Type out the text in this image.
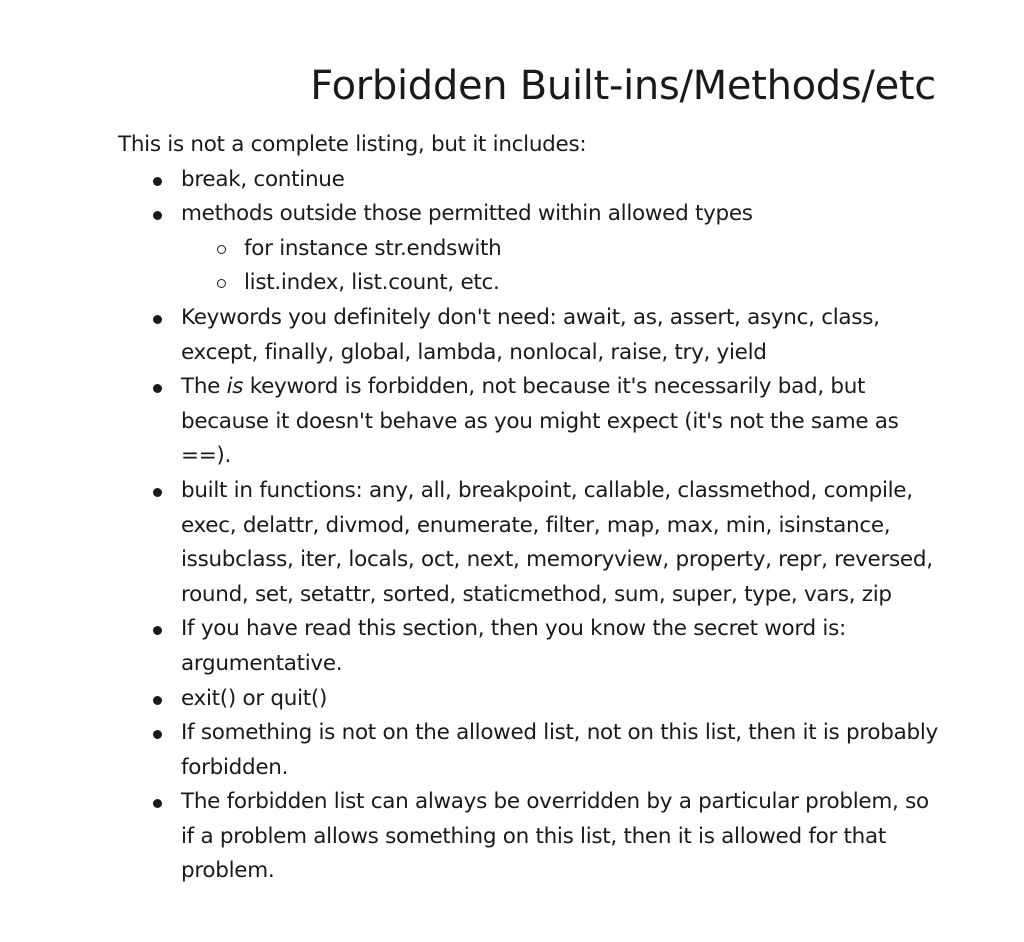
Forbidden Built-ins/Methods/etc

This is not a complete listing, but it includes:

break, continue
methods outside those permitted within allowed types
for instance str.endswith
list.index, list.count, etc.
Keywords you definitely don't need: await, as, assert, async, class, except, finally, global, lambda, nonlocal, raise, try, yield
The is keyword is forbidden, not because it's necessarily bad, but because it doesn't behave as you might expect (it's not the same as ==).
built in functions: any, all, breakpoint, callable, classmethod, compile, exec, delattr, divmod, enumerate, filter, map, max, min, isinstance, issubclass, iter, locals, oct, next, memoryview, property, repr, reversed, round, set, setattr, sorted, staticmethod, sum, super, type, vars, zip
If you have read this section, then you know the secret word is: argumentative.
exit() or quit()
If something is not on the allowed list, not on this list, then it is probably forbidden.
The forbidden list can always be overridden by a particular problem, so if a problem allows something on this list, then it is allowed for that problem.
